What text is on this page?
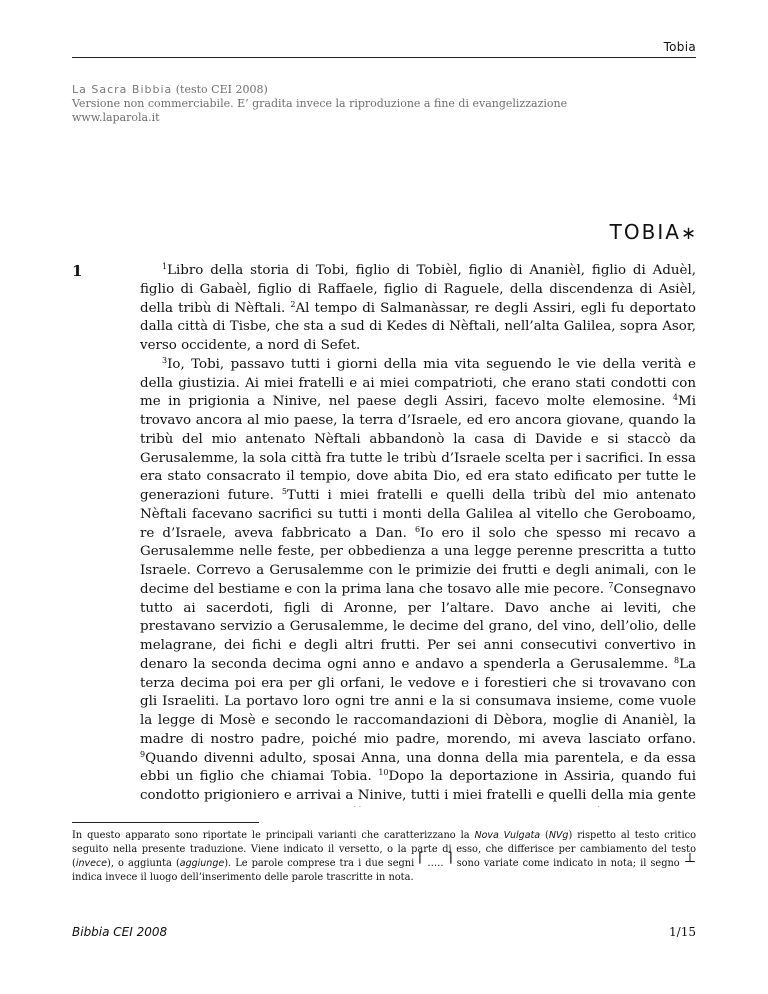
Tobia
La Sacra Bibbia (testo CEI 2008)
Versione non commerciabile. E’ gradita invece la riproduzione a fine di evangelizzazione
www.laparola.it
TOBIA∗
1	$^1$Libro della storia di Tobi, figlio di Tobièl, figlio di Ananièl, figlio di Aduèl, figlio di Gabaèl, figlio di Raffaele, figlio di Raguele, della discendenza di Asièl, della tribù di Nèftali. $^2$Al tempo di Salmanàssar, re degli Assiri, egli fu deportato dalla città di Tisbe, che sta a sud di Kedes di Nèftali, nell’alta Galilea, sopra Asor, verso occidente, a nord di Sefet.

$^3$Io, Tobi, passavo tutti i giorni della mia vita seguendo le vie della verità e della giustizia. Ai miei fratelli e ai miei compatrioti, che erano stati condotti con me in prigionia a Ninive, nel paese degli Assiri, facevo molte elemosine. $^4$Mi trovavo ancora al mio paese, la terra d’Israele, ed ero ancora giovane, quando la tribù del mio antenato Nèftali abbandonò la casa di Davide e si staccò da Gerusalemme, la sola città fra tutte le tribù d’Israele scelta per i sacrifici. In essa era stato consacrato il tempio, dove abita Dio, ed era stato edificato per tutte le generazioni future. $^5$Tutti i miei fratelli e quelli della tribù del mio antenato Nèftali facevano sacrifici su tutti i monti della Galilea al vitello che Geroboamo, re d’Israele, aveva fabbricato a Dan. $^6$Io ero il solo che spesso mi recavo a Gerusalemme nelle feste, per obbedienza a una legge perenne prescritta a tutto Israele. Correvo a Gerusalemme con le primizie dei frutti e degli animali, con le decime del bestiame e con la prima lana che tosavo alle mie pecore. $^7$Consegnavo tutto ai sacerdoti, figli di Aronne, per l’altare. Davo anche ai leviti, che prestavano servizio a Gerusalemme, le decime del grano, del vino, dell’olio, delle melagrane, dei fichi e degli altri frutti. Per sei anni consecutivi convertivo in denaro la seconda decima ogni anno e andavo a spenderla a Gerusalemme. $^8$La terza decima poi era per gli orfani, le vedove e i forestieri che si trovavano con gli Israeliti. La portavo loro ogni tre anni e la si consumava insieme, come vuole la legge di Mosè e secondo le raccomandazioni di Dèbora, moglie di Ananièl, la madre di nostro padre, poiché mio padre, morendo, mi aveva lasciato orfano. $^9$Quando divenni adulto, sposai Anna, una donna della mia parentela, e da essa ebbi un figlio che chiamai Tobia. $^{10}$Dopo la deportazione in Assiria, quando fui condotto prigioniero e arrivai a Ninive, tutti i miei fratelli e quelli della mia gente

In questo apparato sono riportate le principali varianti che caratterizzano la Nova Vulgata (NVg) rispetto al testo critico seguito nella presente traduzione. Viene indicato il versetto, o la parte di esso, che differisce per cambiamento del testo (invece), o aggiunta (aggiunge). Le parole comprese tra i due segni ⌈ ….. ⌉ sono variate come indicato in nota; il segno ⊥ indica invece il luogo dell’inserimento delle parole trascritte in nota.
Bibbia CEI 2008	1/15
